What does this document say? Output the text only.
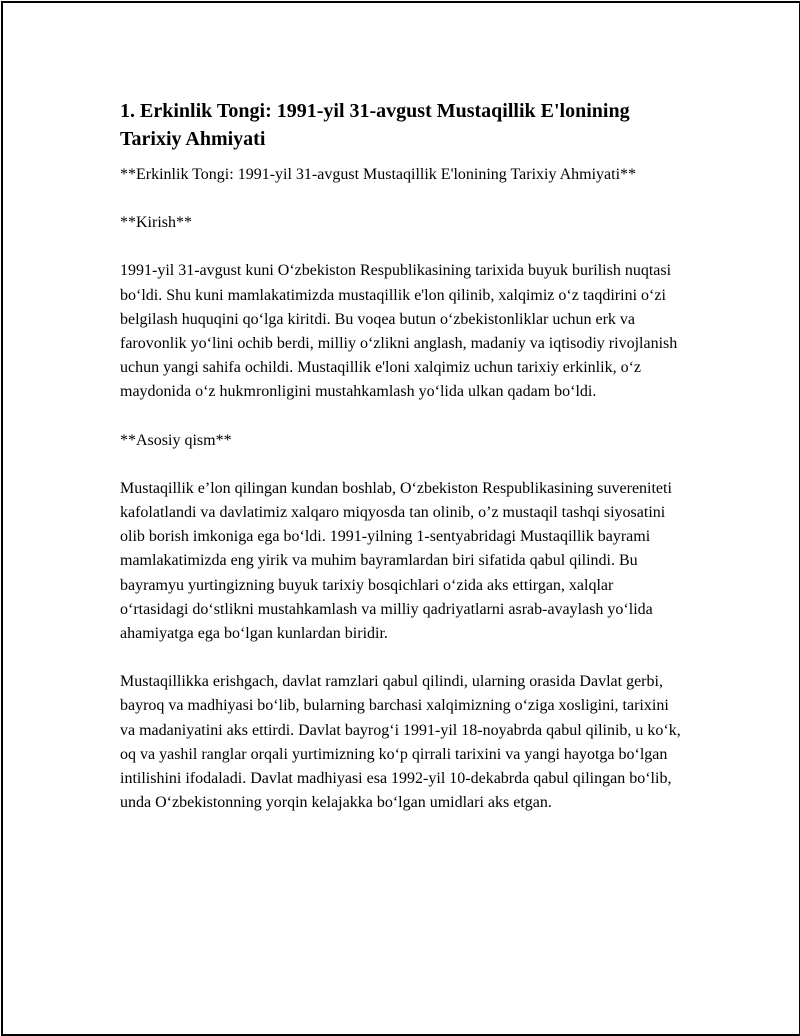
1. Erkinlik Tongi: 1991-yil 31-avgust Mustaqillik E'lonining Tarixiy Ahmiyati

**Erkinlik Tongi: 1991-yil 31-avgust Mustaqillik E'lonining Tarixiy Ahmiyati**

**Kirish**

1991-yil 31-avgust kuni O‘zbekiston Respublikasining tarixida buyuk burilish nuqtasi bo‘ldi. Shu kuni mamlakatimizda mustaqillik e'lon qilinib, xalqimiz o‘z taqdirini o‘zi belgilash huquqini qo‘lga kiritdi. Bu voqea butun o‘zbekistonliklar uchun erk va farovonlik yo‘lini ochib berdi, milliy o‘zlikni anglash, madaniy va iqtisodiy rivojlanish uchun yangi sahifa ochildi. Mustaqillik e'loni xalqimiz uchun tarixiy erkinlik, o‘z maydonida o‘z hukmronligini mustahkamlash yo‘lida ulkan qadam bo‘ldi.

**Asosiy qism**

Mustaqillik e’lon qilingan kundan boshlab, O‘zbekiston Respublikasining suvereniteti kafolatlandi va davlatimiz xalqaro miqyosda tan olinib, o’z mustaqil tashqi siyosatini olib borish imkoniga ega bo‘ldi. 1991-yilning 1-sentyabridagi Mustaqillik bayrami mamlakatimizda eng yirik va muhim bayramlardan biri sifatida qabul qilindi. Bu bayramyu yurtingizning buyuk tarixiy bosqichlari o‘zida aks ettirgan, xalqlar o‘rtasidagi do‘stlikni mustahkamlash va milliy qadriyatlarni asrab-avaylash yo‘lida ahamiyatga ega bo‘lgan kunlardan biridir.

Mustaqillikka erishgach, davlat ramzlari qabul qilindi, ularning orasida Davlat gerbi, bayroq va madhiyasi bo‘lib, bularning barchasi xalqimizning o‘ziga xosligini, tarixini va madaniyatini aks ettirdi. Davlat bayrog‘i 1991-yil 18-noyabrda qabul qilinib, u ko‘k, oq va yashil ranglar orqali yurtimizning ko‘p qirrali tarixini va yangi hayotga bo‘lgan intilishini ifodaladi. Davlat madhiyasi esa 1992-yil 10-dekabrda qabul qilingan bo‘lib, unda O‘zbekistonning yorqin kelajakka bo‘lgan umidlari aks etgan.
